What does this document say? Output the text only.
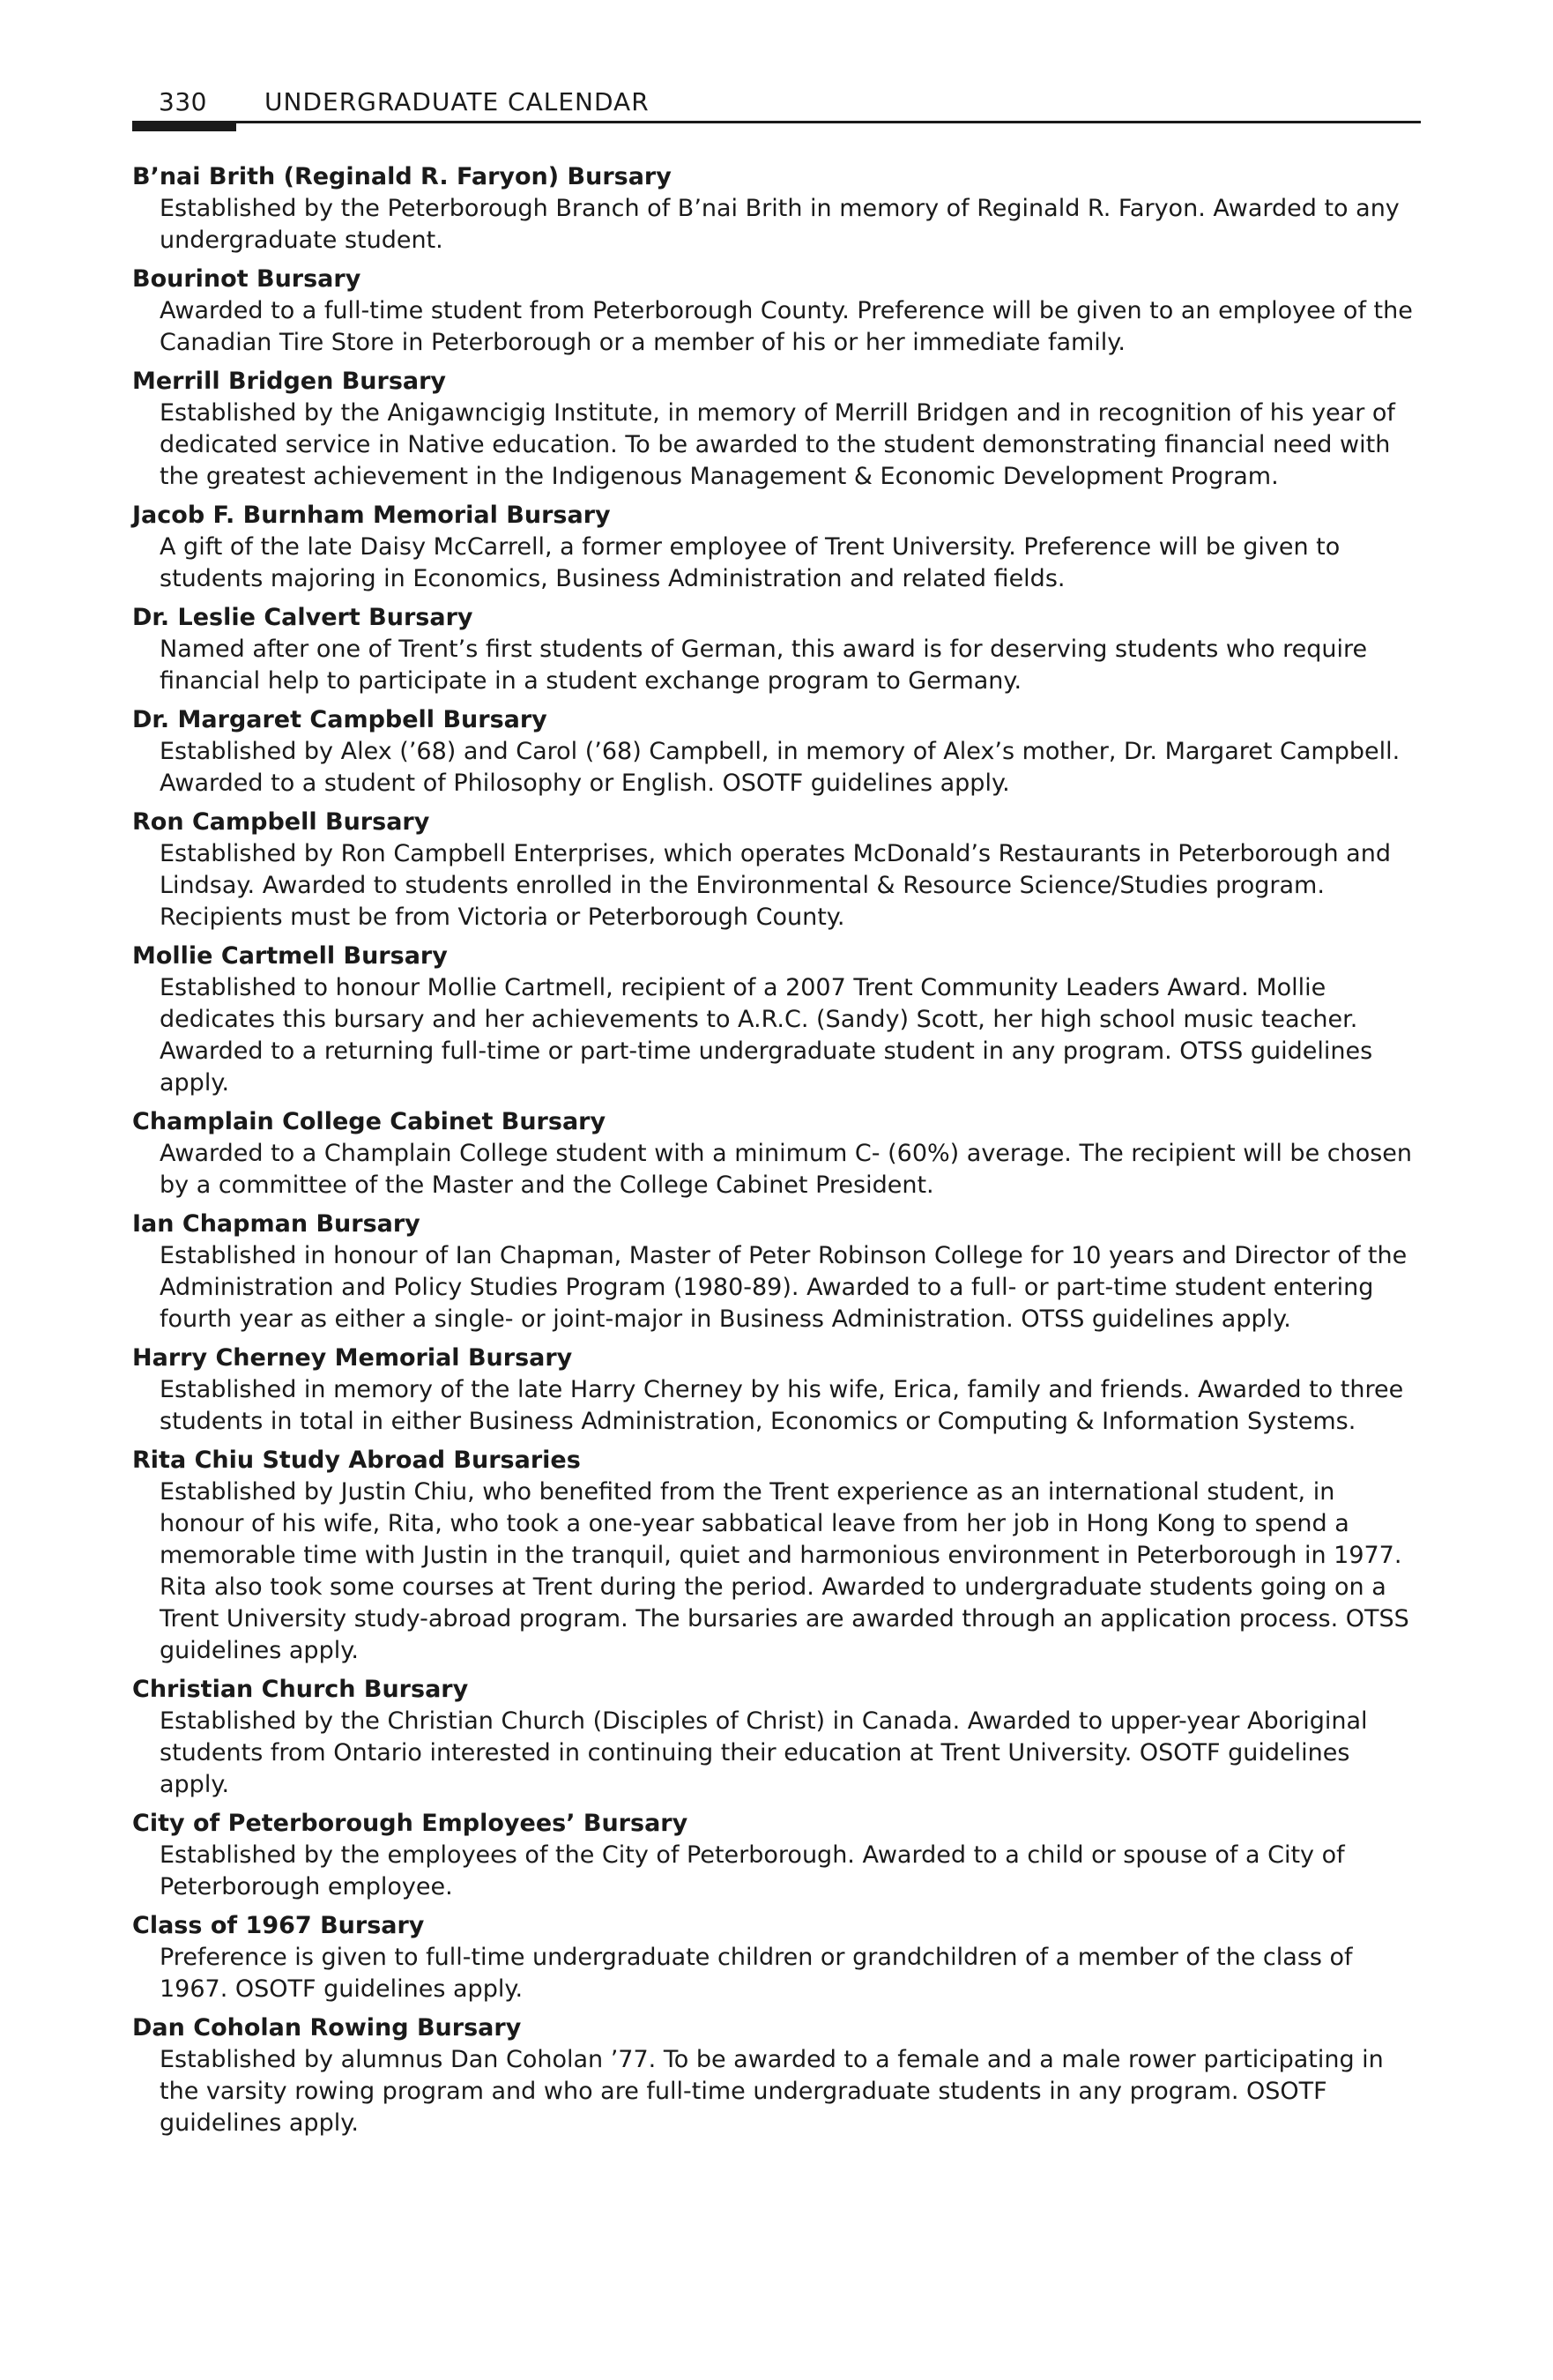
330 UNDERGRADUATE CALENDAR

B’nai Brith (Reginald R. Faryon) Bursary

Established by the Peterborough Branch of B’nai Brith in memory of Reginald R. Faryon. Awarded to any undergraduate student.

Bourinot Bursary

Awarded to a full-time student from Peterborough County. Preference will be given to an employee of the Canadian Tire Store in Peterborough or a member of his or her immediate family.

Merrill Bridgen Bursary

Established by the Anigawncigig Institute, in memory of Merrill Bridgen and in recognition of his year of dedicated service in Native education. To be awarded to the student demonstrating financial need with the greatest achievement in the Indigenous Management & Economic Development Program.

Jacob F. Burnham Memorial Bursary

A gift of the late Daisy McCarrell, a former employee of Trent University. Preference will be given to students majoring in Economics, Business Administration and related fields.

Dr. Leslie Calvert Bursary

Named after one of Trent’s first students of German, this award is for deserving students who require financial help to participate in a student exchange program to Germany.

Dr. Margaret Campbell Bursary

Established by Alex (’68) and Carol (’68) Campbell, in memory of Alex’s mother, Dr. Margaret Campbell. Awarded to a student of Philosophy or English. OSOTF guidelines apply.

Ron Campbell Bursary

Established by Ron Campbell Enterprises, which operates McDonald’s Restaurants in Peterborough and Lindsay. Awarded to students enrolled in the Environmental & Resource Science/Studies program. Recipients must be from Victoria or Peterborough County.

Mollie Cartmell Bursary

Established to honour Mollie Cartmell, recipient of a 2007 Trent Community Leaders Award. Mollie dedicates this bursary and her achievements to A.R.C. (Sandy) Scott, her high school music teacher. Awarded to a returning full-time or part-time undergraduate student in any program. OTSS guidelines apply.

Champlain College Cabinet Bursary

Awarded to a Champlain College student with a minimum C- (60%) average. The recipient will be chosen by a committee of the Master and the College Cabinet President.

Ian Chapman Bursary

Established in honour of Ian Chapman, Master of Peter Robinson College for 10 years and Director of the Administration and Policy Studies Program (1980-89). Awarded to a full- or part-time student entering fourth year as either a single- or joint-major in Business Administration. OTSS guidelines apply.

Harry Cherney Memorial Bursary

Established in memory of the late Harry Cherney by his wife, Erica, family and friends. Awarded to three students in total in either Business Administration, Economics or Computing & Information Systems.

Rita Chiu Study Abroad Bursaries

Established by Justin Chiu, who benefited from the Trent experience as an international student, in honour of his wife, Rita, who took a one-year sabbatical leave from her job in Hong Kong to spend a memorable time with Justin in the tranquil, quiet and harmonious environment in Peterborough in 1977. Rita also took some courses at Trent during the period. Awarded to undergraduate students going on a Trent University study-abroad program. The bursaries are awarded through an application process. OTSS guidelines apply.

Christian Church Bursary

Established by the Christian Church (Disciples of Christ) in Canada. Awarded to upper-year Aboriginal students from Ontario interested in continuing their education at Trent University. OSOTF guidelines apply.

City of Peterborough Employees’ Bursary

Established by the employees of the City of Peterborough. Awarded to a child or spouse of a City of Peterborough employee.

Class of 1967 Bursary

Preference is given to full-time undergraduate children or grandchildren of a member of the class of 1967. OSOTF guidelines apply.

Dan Coholan Rowing Bursary

Established by alumnus Dan Coholan ’77. To be awarded to a female and a male rower participating in the varsity rowing program and who are full-time undergraduate students in any program. OSOTF guidelines apply.
